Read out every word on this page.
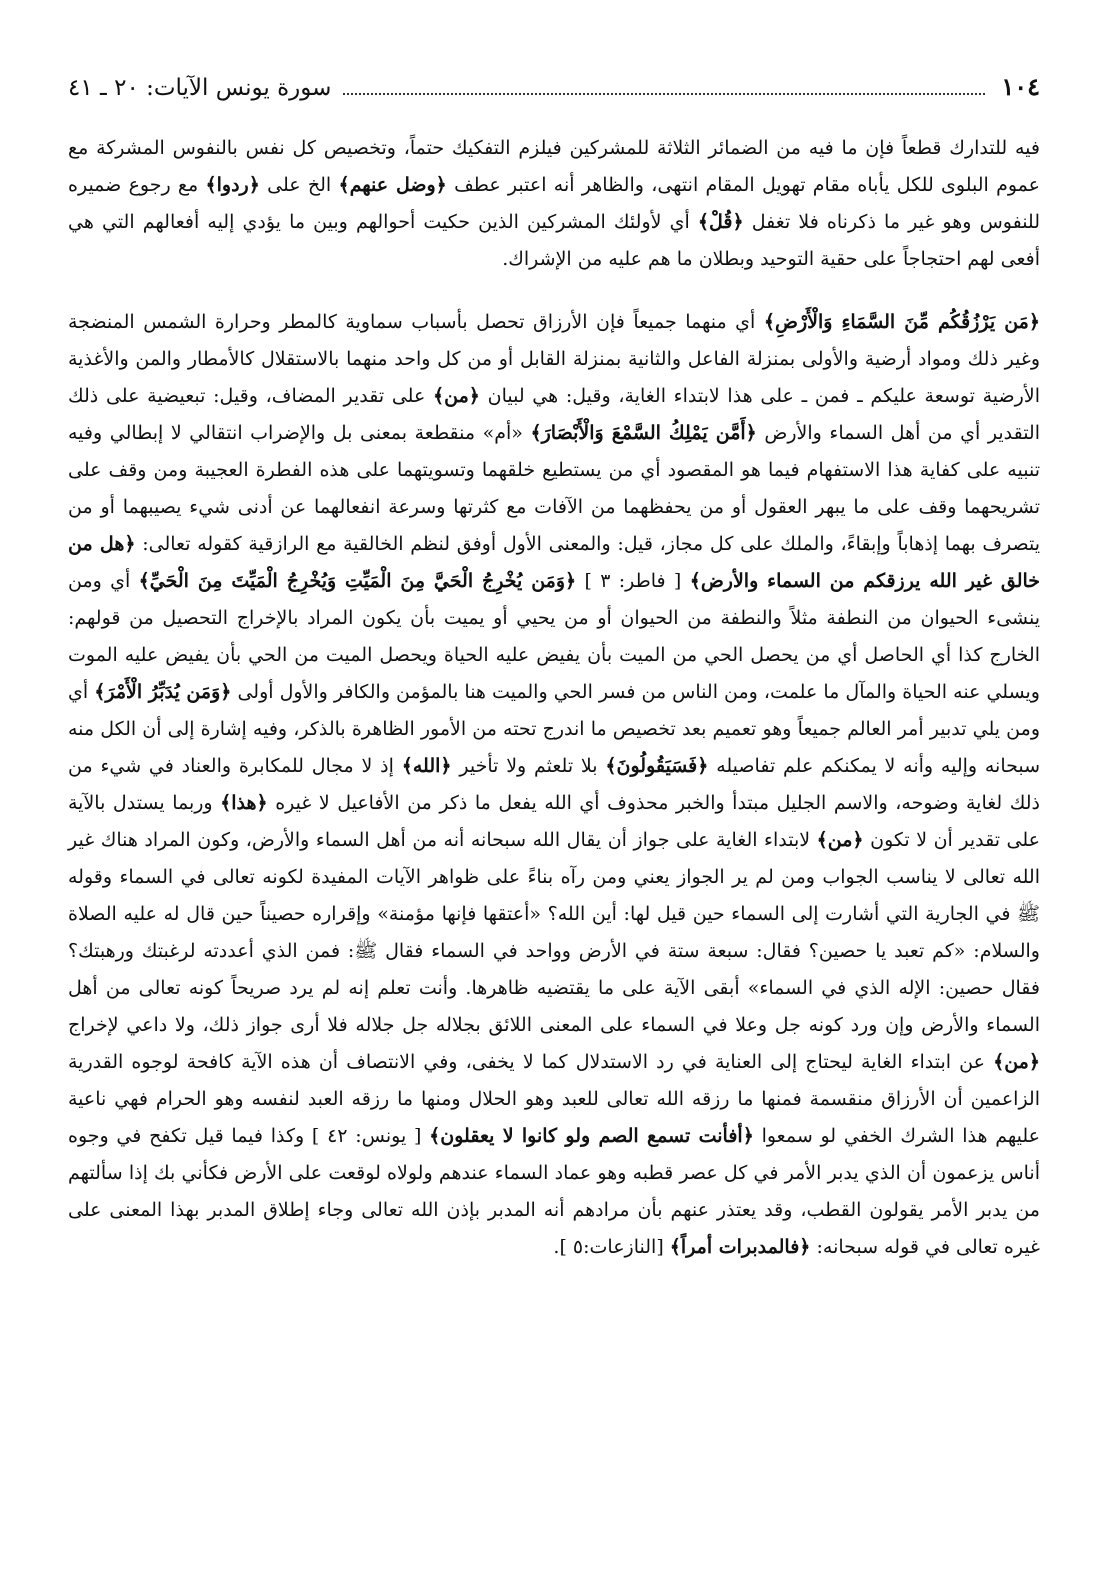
١٠٤
سورة يونس الآيات: ٢٠ ـ ٤١

فيه للتدارك قطعاً فإن ما فيه من الضمائر الثلاثة للمشركين فيلزم التفكيك حتماً، وتخصيص كل نفس بالنفوس المشركة مع عموم البلوى للكل يأباه مقام تهويل المقام انتهى، والظاهر أنه اعتبر عطف ﴿وضل عنهم﴾ الخ على ﴿ردوا﴾ مع رجوع ضميره للنفوس وهو غير ما ذكرناه فلا تغفل ﴿قُلْ﴾ أي لأولئك المشركين الذين حكيت أحوالهم وبين ما يؤدي إليه أفعالهم التي هي أفعى لهم احتجاجاً على حقية التوحيد وبطلان ما هم عليه من الإشراك.

﴿مَن يَرْزُقُكُم مِّنَ السَّمَاءِ وَالْأَرْضِ﴾ أي منهما جميعاً فإن الأرزاق تحصل بأسباب سماوية كالمطر وحرارة الشمس المنضجة وغير ذلك ومواد أرضية والأولى بمنزلة الفاعل والثانية بمنزلة القابل أو من كل واحد منهما بالاستقلال كالأمطار والمن والأغذية الأرضية توسعة عليكم ـ فمن ـ على هذا لابتداء الغاية، وقيل: هي لبيان ﴿من﴾ على تقدير المضاف، وقيل: تبعيضية على ذلك التقدير أي من أهل السماء والأرض ﴿أَمَّن يَمْلِكُ السَّمْعَ وَالْأَبْصَارَ﴾ «أم» منقطعة بمعنى بل والإضراب انتقالي لا إبطالي وفيه تنبيه على كفاية هذا الاستفهام فيما هو المقصود أي من يستطيع خلقهما وتسويتهما على هذه الفطرة العجيبة ومن وقف على تشريحهما وقف على ما يبهر العقول أو من يحفظهما من الآفات مع كثرتها وسرعة انفعالهما عن أدنى شيء يصيبهما أو من يتصرف بهما إذهاباً وإبقاءً، والملك على كل مجاز، قيل: والمعنى الأول أوفق لنظم الخالقية مع الرازقية كقوله تعالى: ﴿هل من خالق غير الله يرزقكم من السماء والأرض﴾ [ فاطر: ٣ ] ﴿وَمَن يُخْرِجُ الْحَيَّ مِنَ الْمَيِّتِ وَيُخْرِجُ الْمَيِّتَ مِنَ الْحَيِّ﴾ أي ومن ينشىء الحيوان من النطفة مثلاً والنطفة من الحيوان أو من يحيي أو يميت بأن يكون المراد بالإخراج التحصيل من قولهم: الخارج كذا أي الحاصل أي من يحصل الحي من الميت بأن يفيض عليه الحياة ويحصل الميت من الحي بأن يفيض عليه الموت ويسلي عنه الحياة والمآل ما علمت، ومن الناس من فسر الحي والميت هنا بالمؤمن والكافر والأول أولى ﴿وَمَن يُدَبِّرُ الْأَمْرَ﴾ أي ومن يلي تدبير أمر العالم جميعاً وهو تعميم بعد تخصيص ما اندرج تحته من الأمور الظاهرة بالذكر، وفيه إشارة إلى أن الكل منه سبحانه وإليه وأنه لا يمكنكم علم تفاصيله ﴿فَسَيَقُولُونَ﴾ بلا تلعثم ولا تأخير ﴿الله﴾ إذ لا مجال للمكابرة والعناد في شيء من ذلك لغاية وضوحه، والاسم الجليل مبتدأ والخبر محذوف أي الله يفعل ما ذكر من الأفاعيل لا غيره ﴿هذا﴾ وربما يستدل بالآية على تقدير أن لا تكون ﴿من﴾ لابتداء الغاية على جواز أن يقال الله سبحانه أنه من أهل السماء والأرض، وكون المراد هناك غير الله تعالى لا يناسب الجواب ومن لم ير الجواز يعني ومن رآه بناءً على ظواهر الآيات المفيدة لكونه تعالى في السماء وقوله ﷺ في الجارية التي أشارت إلى السماء حين قيل لها: أين الله؟ «أعتقها فإنها مؤمنة» وإقراره حصيناً حين قال له عليه الصلاة والسلام: «كم تعبد يا حصين؟ فقال: سبعة ستة في الأرض وواحد في السماء فقال ﷺ: فمن الذي أعددته لرغبتك ورهبتك؟ فقال حصين: الإله الذي في السماء» أبقى الآية على ما يقتضيه ظاهرها. وأنت تعلم إنه لم يرد صريحاً كونه تعالى من أهل السماء والأرض وإن ورد كونه جل وعلا في السماء على المعنى اللائق بجلاله جل جلاله فلا أرى جواز ذلك، ولا داعي لإخراج ﴿من﴾ عن ابتداء الغاية ليحتاج إلى العناية في رد الاستدلال كما لا يخفى، وفي الانتصاف أن هذه الآية كافحة لوجوه القدرية الزاعمين أن الأرزاق منقسمة فمنها ما رزقه الله تعالى للعبد وهو الحلال ومنها ما رزقه العبد لنفسه وهو الحرام فهي ناعية عليهم هذا الشرك الخفي لو سمعوا ﴿أفأنت تسمع الصم ولو كانوا لا يعقلون﴾ [ يونس: ٤٢ ] وكذا فيما قيل تكفح في وجوه أناس يزعمون أن الذي يدبر الأمر في كل عصر قطبه وهو عماد السماء عندهم ولولاه لوقعت على الأرض فكأني بك إذا سألتهم من يدبر الأمر يقولون القطب، وقد يعتذر عنهم بأن مرادهم أنه المدبر بإذن الله تعالى وجاء إطلاق المدبر بهذا المعنى على غيره تعالى في قوله سبحانه: ﴿فالمدبرات أمراً﴾ [النازعات:٥ ].
